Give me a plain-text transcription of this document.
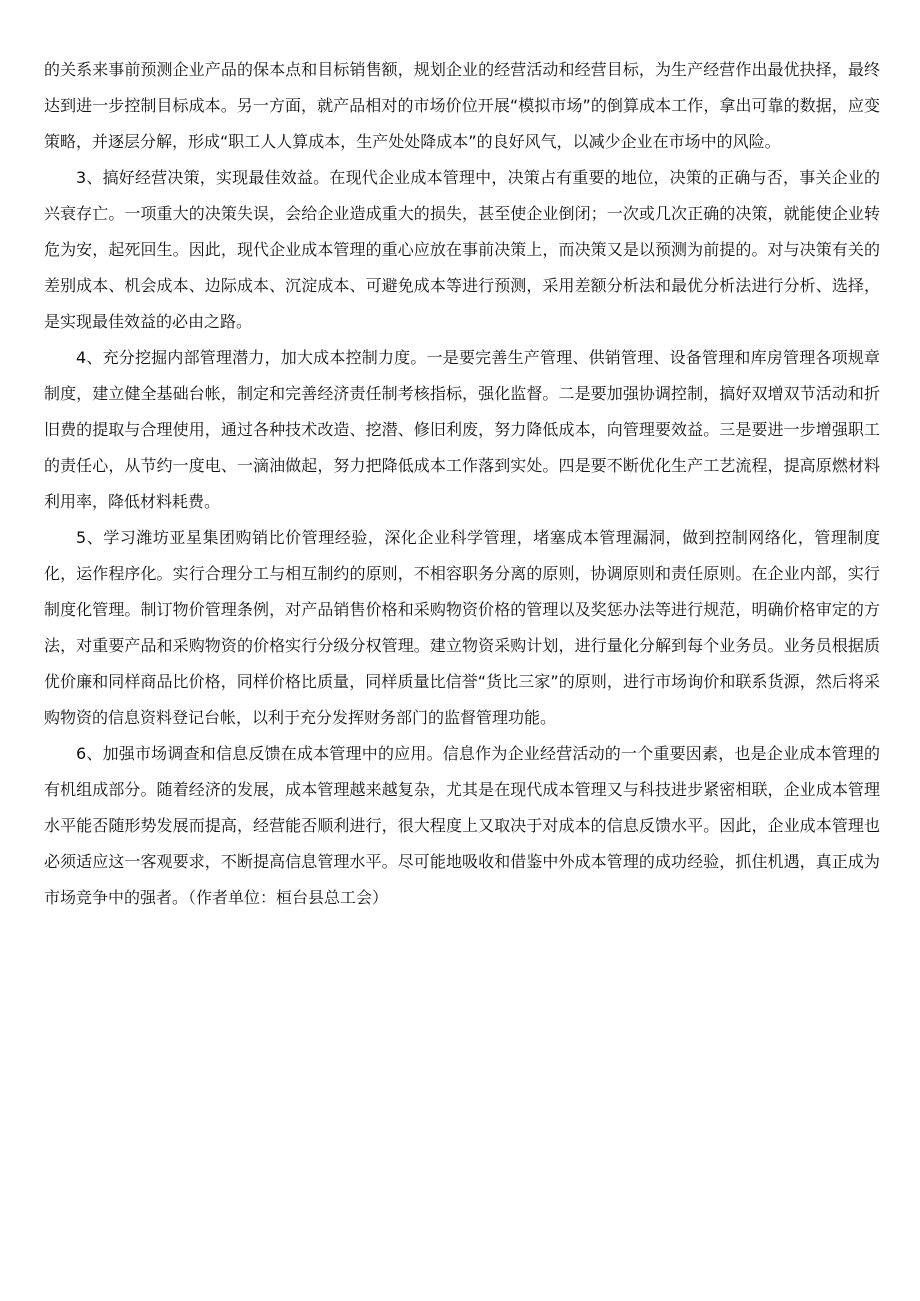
的关系来事前预测企业产品的保本点和目标销售额，规划企业的经营活动和经营目标，为生产经营作出最优抉择，最终达到进一步控制目标成本。另一方面，就产品相对的市场价位开展“模拟市场”的倒算成本工作，拿出可靠的数据，应变策略，并逐层分解，形成“职工人人算成本，生产处处降成本”的良好风气，以减少企业在市场中的风险。

3、搞好经营决策，实现最佳效益。在现代企业成本管理中，决策占有重要的地位，决策的正确与否，事关企业的兴衰存亡。一项重大的决策失误，会给企业造成重大的损失，甚至使企业倒闭；一次或几次正确的决策，就能使企业转危为安，起死回生。因此，现代企业成本管理的重心应放在事前决策上，而决策又是以预测为前提的。对与决策有关的差别成本、机会成本、边际成本、沉淀成本、可避免成本等进行预测，采用差额分析法和最优分析法进行分析、选择，是实现最佳效益的必由之路。

4、充分挖掘内部管理潜力，加大成本控制力度。一是要完善生产管理、供销管理、设备管理和库房管理各项规章制度，建立健全基础台帐，制定和完善经济责任制考核指标，强化监督。二是要加强协调控制，搞好双增双节活动和折旧费的提取与合理使用，通过各种技术改造、挖潜、修旧利废，努力降低成本，向管理要效益。三是要进一步增强职工的责任心，从节约一度电、一滴油做起，努力把降低成本工作落到实处。四是要不断优化生产工艺流程，提高原燃材料利用率，降低材料耗费。

5、学习潍坊亚星集团购销比价管理经验，深化企业科学管理，堵塞成本管理漏洞，做到控制网络化，管理制度化，运作程序化。实行合理分工与相互制约的原则，不相容职务分离的原则，协调原则和责任原则。在企业内部，实行制度化管理。制订物价管理条例，对产品销售价格和采购物资价格的管理以及奖惩办法等进行规范，明确价格审定的方法，对重要产品和采购物资的价格实行分级分权管理。建立物资采购计划，进行量化分解到每个业务员。业务员根据质优价廉和同样商品比价格，同样价格比质量，同样质量比信誉“货比三家”的原则，进行市场询价和联系货源，然后将采购物资的信息资料登记台帐，以利于充分发挥财务部门的监督管理功能。

6、加强市场调查和信息反馈在成本管理中的应用。信息作为企业经营活动的一个重要因素，也是企业成本管理的有机组成部分。随着经济的发展，成本管理越来越复杂，尤其是在现代成本管理又与科技进步紧密相联，企业成本管理水平能否随形势发展而提高，经营能否顺利进行，很大程度上又取决于对成本的信息反馈水平。因此，企业成本管理也必须适应这一客观要求，不断提高信息管理水平。尽可能地吸收和借鉴中外成本管理的成功经验，抓住机遇，真正成为市场竞争中的强者。（作者单位：桓台县总工会）
